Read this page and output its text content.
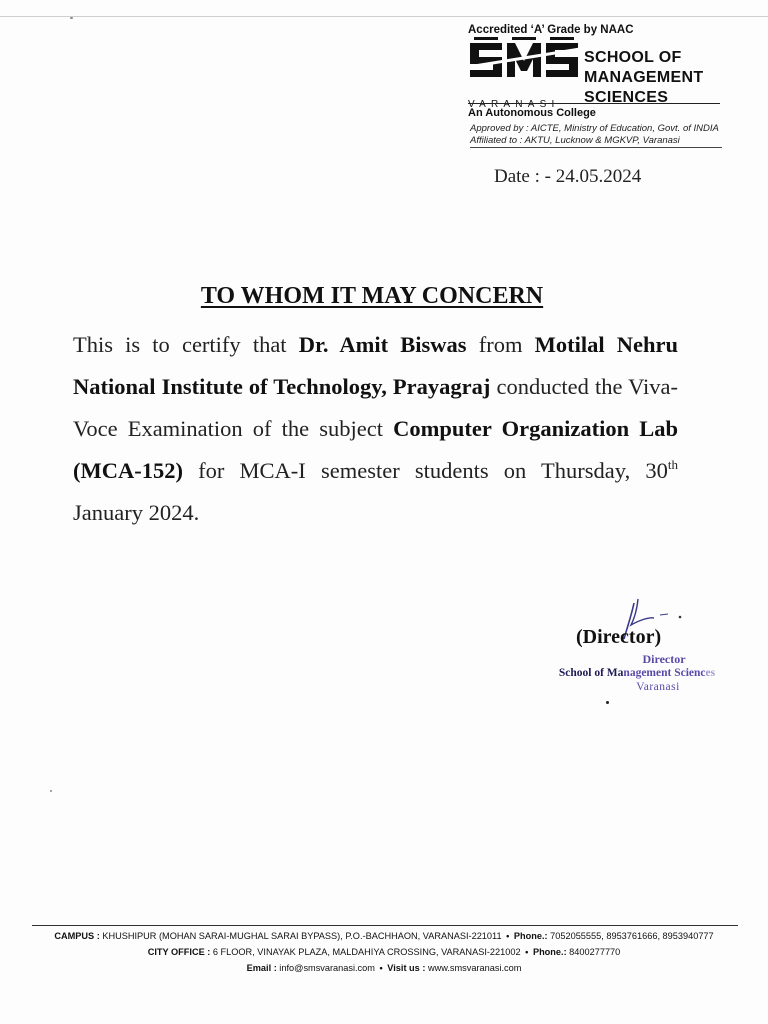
Accredited ‘A’ Grade by NAAC
VARANASI
SCHOOL OF
MANAGEMENT
SCIENCES
An Autonomous College
Approved by : AICTE, Ministry of Education, Govt. of INDIA
Affiliated to : AKTU, Lucknow & MGKVP, Varanasi
Date : - 24.05.2024
TO WHOM IT MAY CONCERN
This is to certify that Dr. Amit Biswas from Motilal Nehru National Institute of Technology, Prayagraj conducted the Viva-Voce Examination of the subject Computer Organization Lab (MCA-152) for MCA-I semester students on Thursday, 30th January 2024.
(Director)
Director
School of Management Sciences
Varanasi
CAMPUS : KHUSHIPUR (MOHAN SARAI-MUGHAL SARAI BYPASS), P.O.-BACHHAON, VARANASI-221011 • Phone.: 7052055555, 8953761666, 8953940777
CITY OFFICE : 6 FLOOR, VINAYAK PLAZA, MALDAHIYA CROSSING, VARANASI-221002 • Phone.: 8400277770
Email : info@smsvaranasi.com • Visit us : www.smsvaranasi.com
